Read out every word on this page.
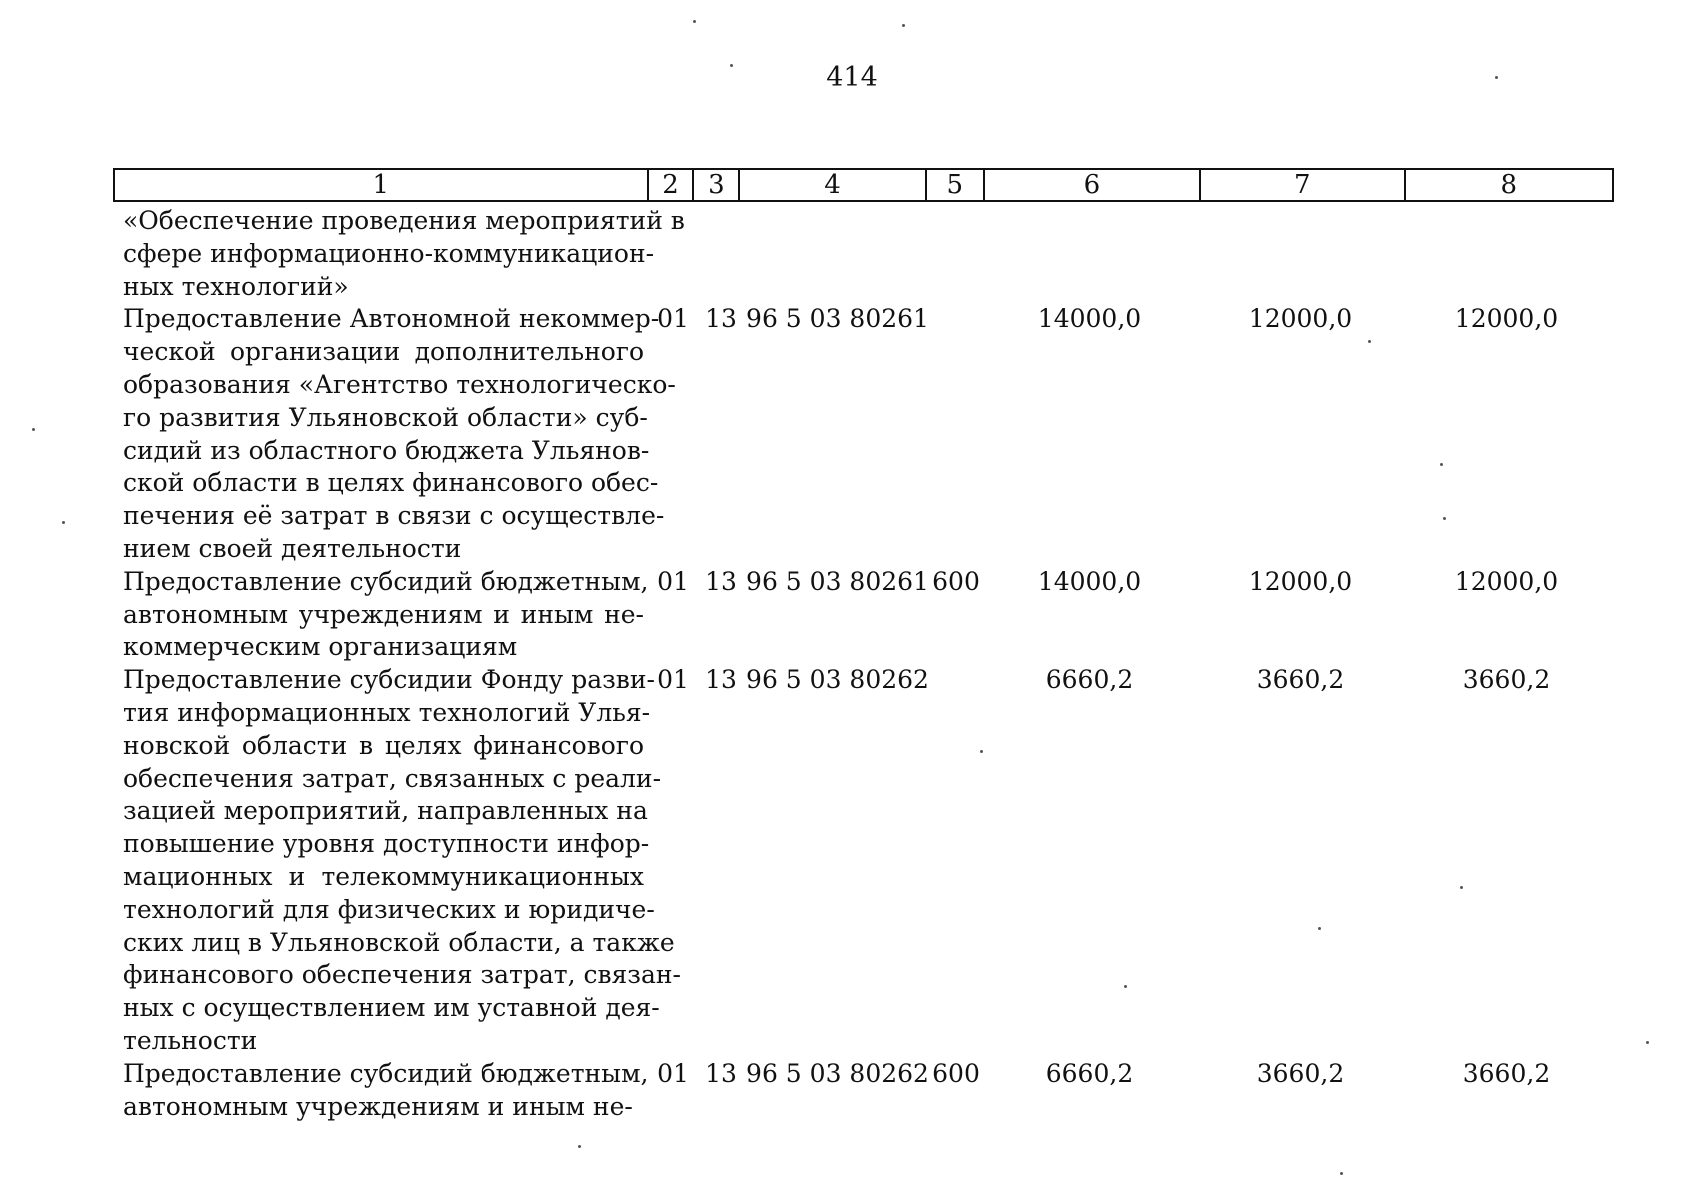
414
1	2	3	4	5	6	7	8
«Обеспечение проведения мероприятий в
сфере информационно-коммуникацион-
ных технологий»
Предоставление Автономной некоммер-
ческой организации дополнительного
образования «Агентство технологическо-
го развития Ульяновской области» суб-
сидий из областного бюджета Ульянов-
ской области в целях финансового обес-
печения её затрат в связи с осуществле-
нием своей деятельности
01 13 96 5 03 80261	14000,0	12000,0	12000,0
Предоставление субсидий бюджетным,
автономным учреждениям и иным не-
коммерческим организациям
01 13 96 5 03 80261 600	14000,0	12000,0	12000,0
Предоставление субсидии Фонду разви-
тия информационных технологий Улья-
новской области в целях финансового
обеспечения затрат, связанных с реали-
зацией мероприятий, направленных на
повышение уровня доступности инфор-
мационных и телекоммуникационных
технологий для физических и юридиче-
ских лиц в Ульяновской области, а также
финансового обеспечения затрат, связан-
ных с осуществлением им уставной дея-
тельности
01 13 96 5 03 80262	6660,2	3660,2	3660,2
Предоставление субсидий бюджетным,
автономным учреждениям и иным не-
01 13 96 5 03 80262 600	6660,2	3660,2	3660,2
